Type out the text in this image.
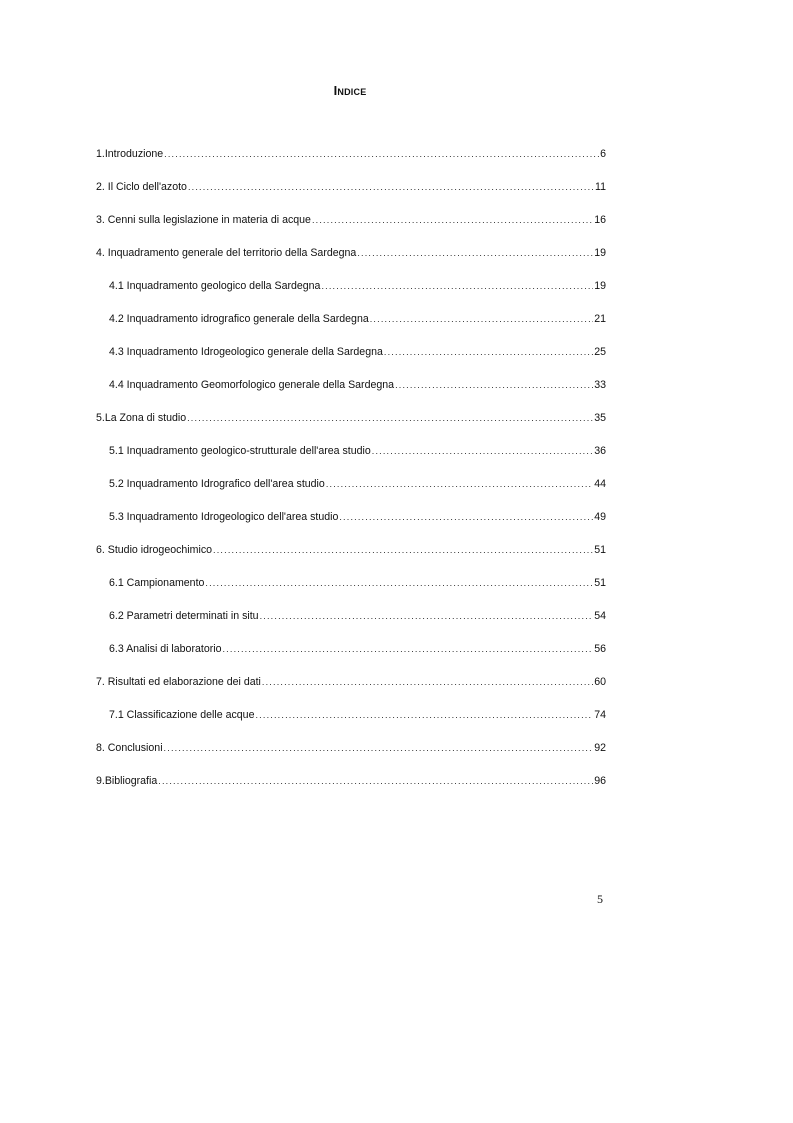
Indice
1.Introduzione .....	6
2. Il Ciclo dell'azoto .....	11
3. Cenni sulla legislazione in materia di acque .....	16
4. Inquadramento generale del territorio della Sardegna .....	19
4.1 Inquadramento geologico della Sardegna .....	19
4.2 Inquadramento idrografico generale della Sardegna .....	21
4.3 Inquadramento Idrogeologico generale della Sardegna .....	25
4.4 Inquadramento Geomorfologico generale della Sardegna .....	33
5.La Zona di studio .....	35
5.1 Inquadramento geologico-strutturale dell'area studio .....	36
5.2 Inquadramento Idrografico dell'area studio .....	44
5.3 Inquadramento Idrogeologico dell'area studio .....	49
6. Studio idrogeochimico .....	51
6.1 Campionamento .....	51
6.2 Parametri determinati in situ .....	54
6.3 Analisi di laboratorio .....	56
7. Risultati ed elaborazione dei dati .....	60
7.1 Classificazione delle acque .....	74
8. Conclusioni .....	92
9.Bibliografia .....	96
5
